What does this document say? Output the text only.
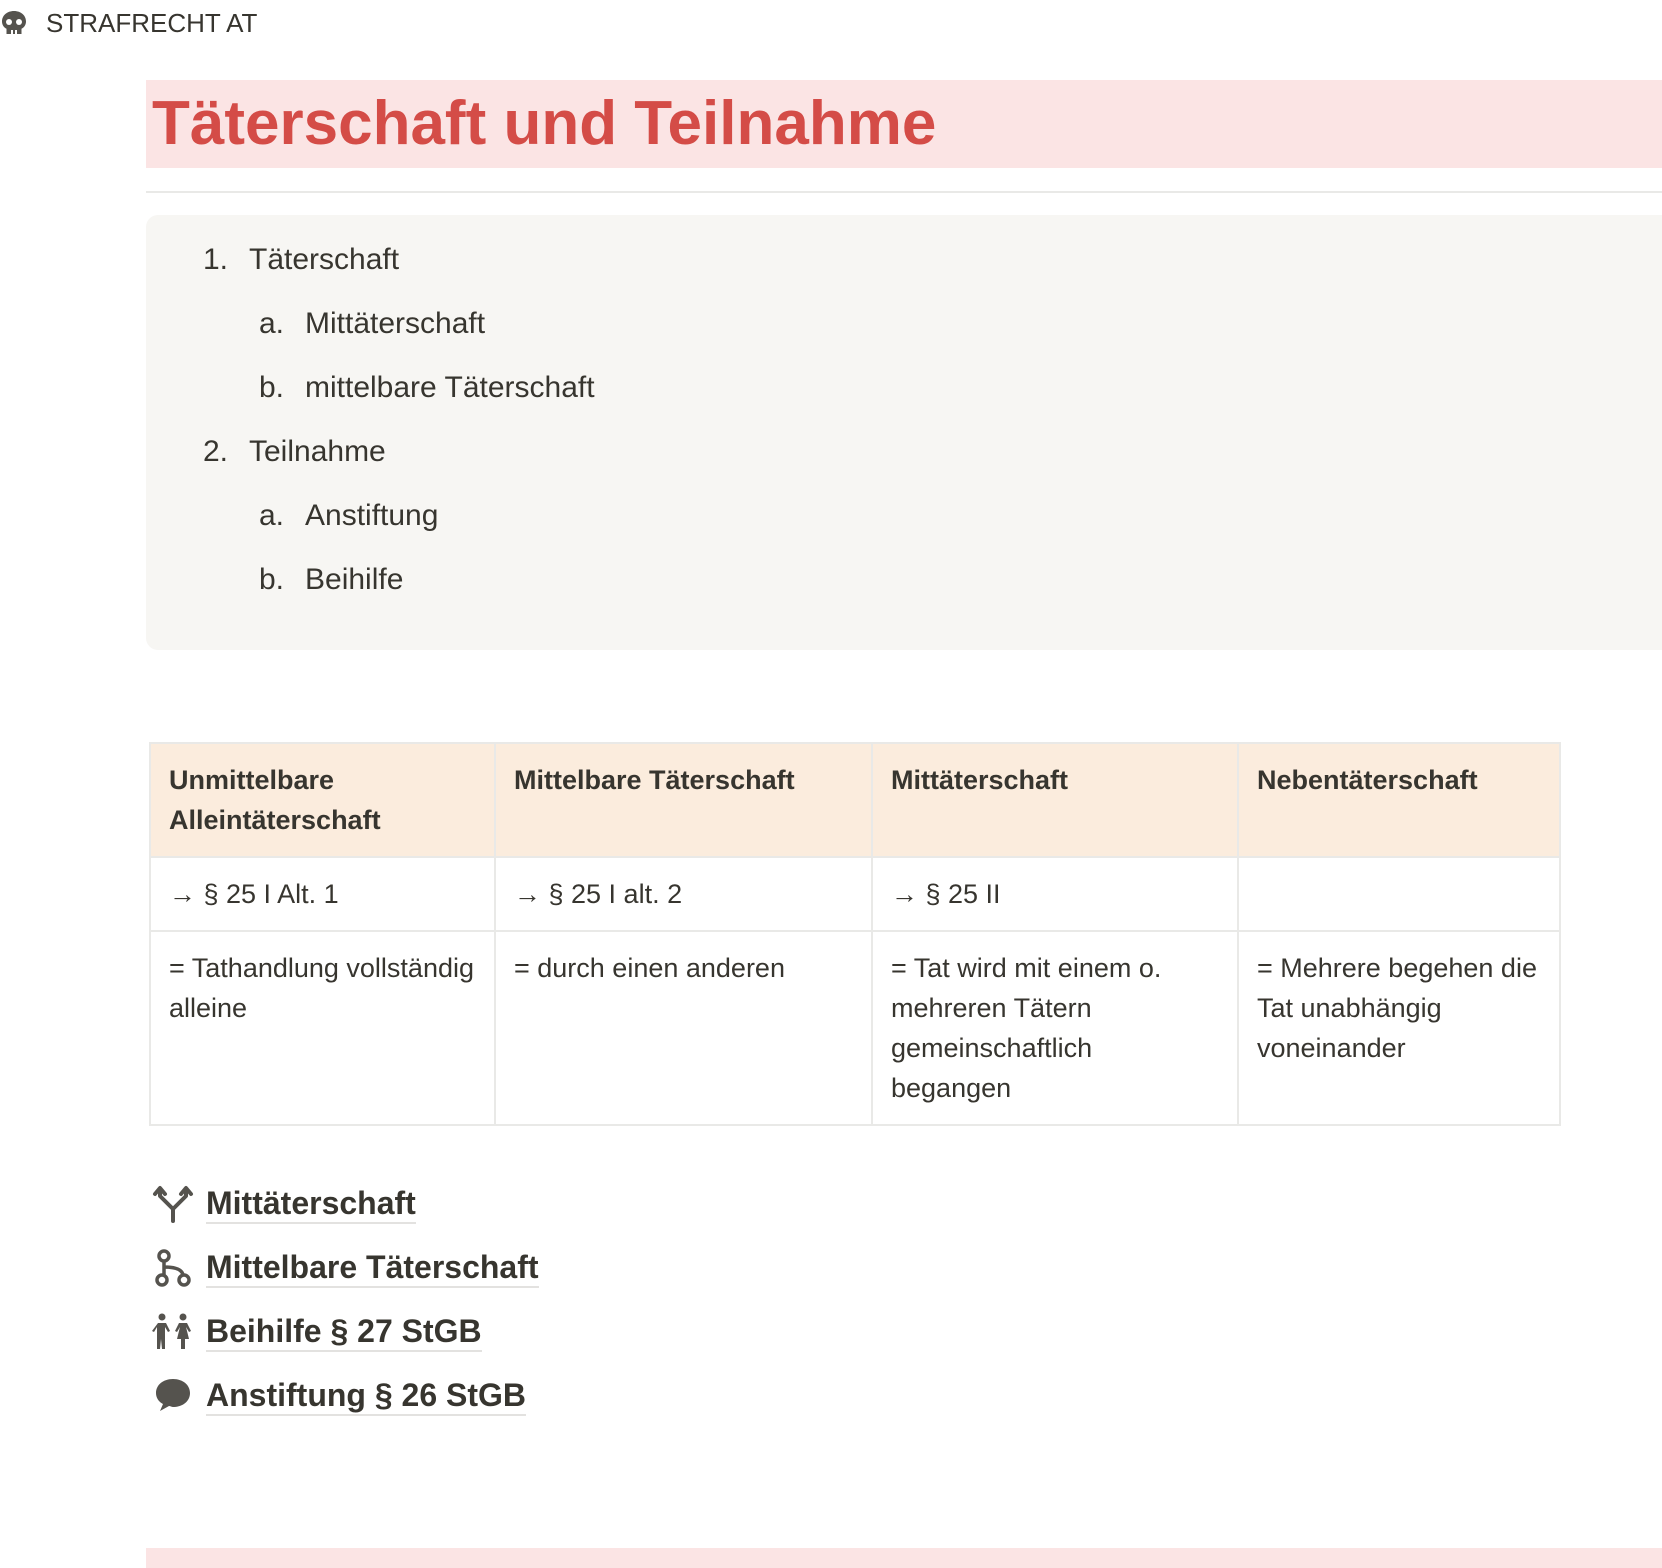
STRAFRECHT AT
Täterschaft und Teilnahme
1. Täterschaft
a. Mittäterschaft
b. mittelbare Täterschaft
2. Teilnahme
a. Anstiftung
b. Beihilfe
Unmittelbare Alleintäterschaft	Mittelbare Täterschaft	Mittäterschaft	Nebentäterschaft
→ § 25 I Alt. 1	→ § 25 I alt. 2	→ § 25 II	
= Tathandlung vollständig alleine	= durch einen anderen	= Tat wird mit einem o. mehreren Tätern gemeinschaftlich begangen	= Mehrere begehen die Tat unabhängig voneinander
Mittäterschaft
Mittelbare Täterschaft
Beihilfe § 27 StGB
Anstiftung § 26 StGB
